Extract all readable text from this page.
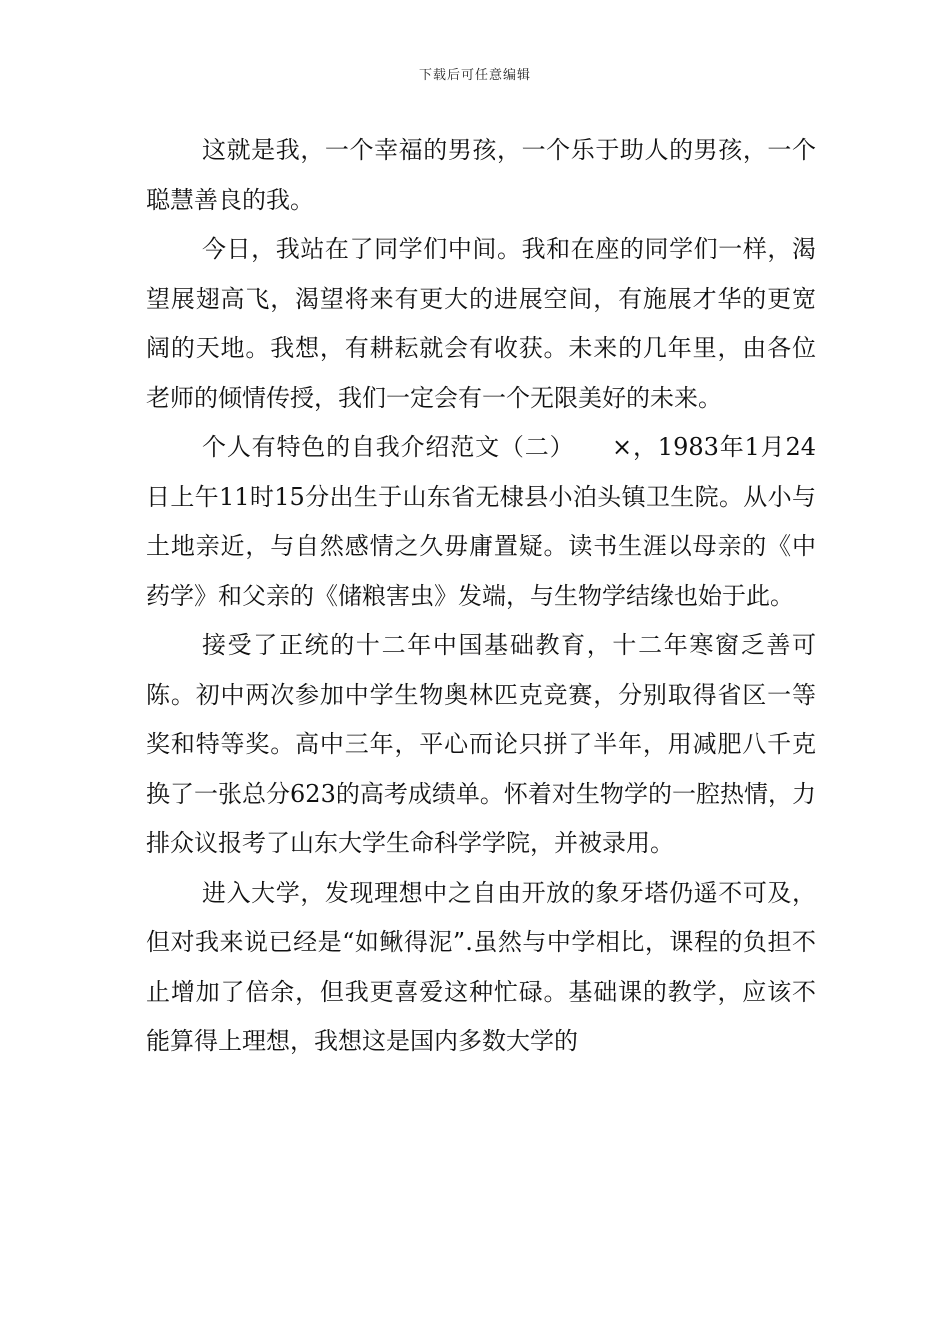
下载后可任意编辑

这就是我，一个幸福的男孩，一个乐于助人的男孩，一个聪慧善良的我。

今日，我站在了同学们中间。我和在座的同学们一样，渴望展翅高飞，渴望将来有更大的进展空间，有施展才华的更宽阔的天地。我想，有耕耘就会有收获。未来的几年里，由各位老师的倾情传授，我们一定会有一个无限美好的未来。

个人有特色的自我介绍范文（二）　　×，1983年1月24日上午11时15分出生于山东省无棣县小泊头镇卫生院。从小与土地亲近，与自然感情之久毋庸置疑。读书生涯以母亲的《中药学》和父亲的《储粮害虫》发端，与生物学结缘也始于此。

接受了正统的十二年中国基础教育，十二年寒窗乏善可陈。初中两次参加中学生物奥林匹克竞赛，分别取得省区一等奖和特等奖。高中三年，平心而论只拼了半年，用减肥八千克换了一张总分623的高考成绩单。怀着对生物学的一腔热情，力排众议报考了山东大学生命科学学院，并被录用。

进入大学，发现理想中之自由开放的象牙塔仍遥不可及，但对我来说已经是“如鳅得泥”.虽然与中学相比，课程的负担不止增加了倍余，但我更喜爱这种忙碌。基础课的教学，应该不能算得上理想，我想这是国内多数大学的
